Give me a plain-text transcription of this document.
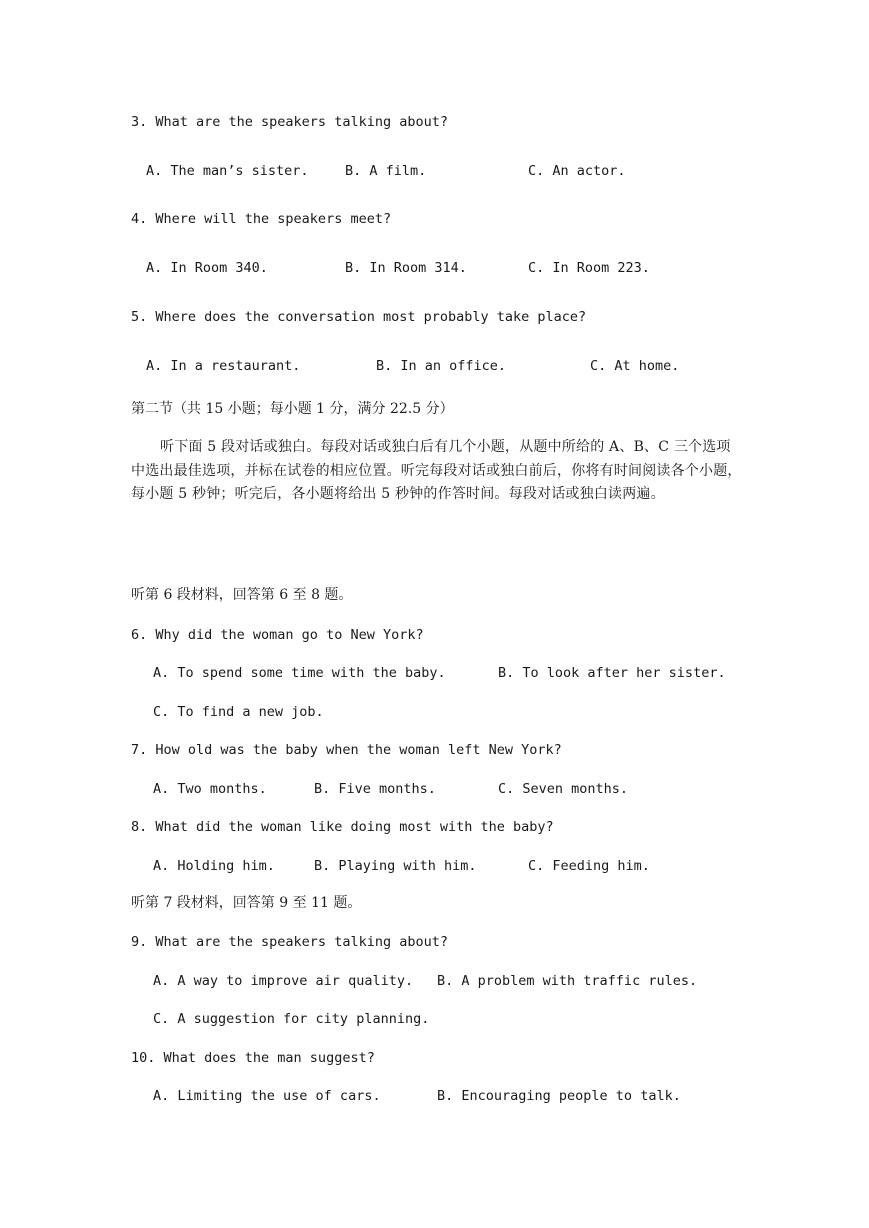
3. What are the speakers talking about?
A. The man’s sister.	B. A film.	C. An actor.
4. Where will the speakers meet?
A. In Room 340.	B. In Room 314.	C. In Room 223.
5. Where does the conversation most probably take place?
A. In a restaurant.	B. In an office.	C. At home.
第二节（共 15 小题；每小题 1 分，满分 22.5 分）
听下面 5 段对话或独白。每段对话或独白后有几个小题，从题中所给的 A、B、C 三个选项中选出最佳选项，并标在试卷的相应位置。听完每段对话或独白前后，你将有时间阅读各个小题，每小题 5 秒钟；听完后，各小题将给出 5 秒钟的作答时间。每段对话或独白读两遍。
听第 6 段材料，回答第 6 至 8 题。
6. Why did the woman go to New York?
A. To spend some time with the baby.	B. To look after her sister.
C. To find a new job.
7. How old was the baby when the woman left New York?
A. Two months.	B. Five months.	C. Seven months.
8. What did the woman like doing most with the baby?
A. Holding him.	B. Playing with him.	C. Feeding him.
听第 7 段材料，回答第 9 至 11 题。
9. What are the speakers talking about?
A. A way to improve air quality. B. A problem with traffic rules.
C. A suggestion for city planning.
10. What does the man suggest?
A. Limiting the use of cars.	B. Encouraging people to talk.
